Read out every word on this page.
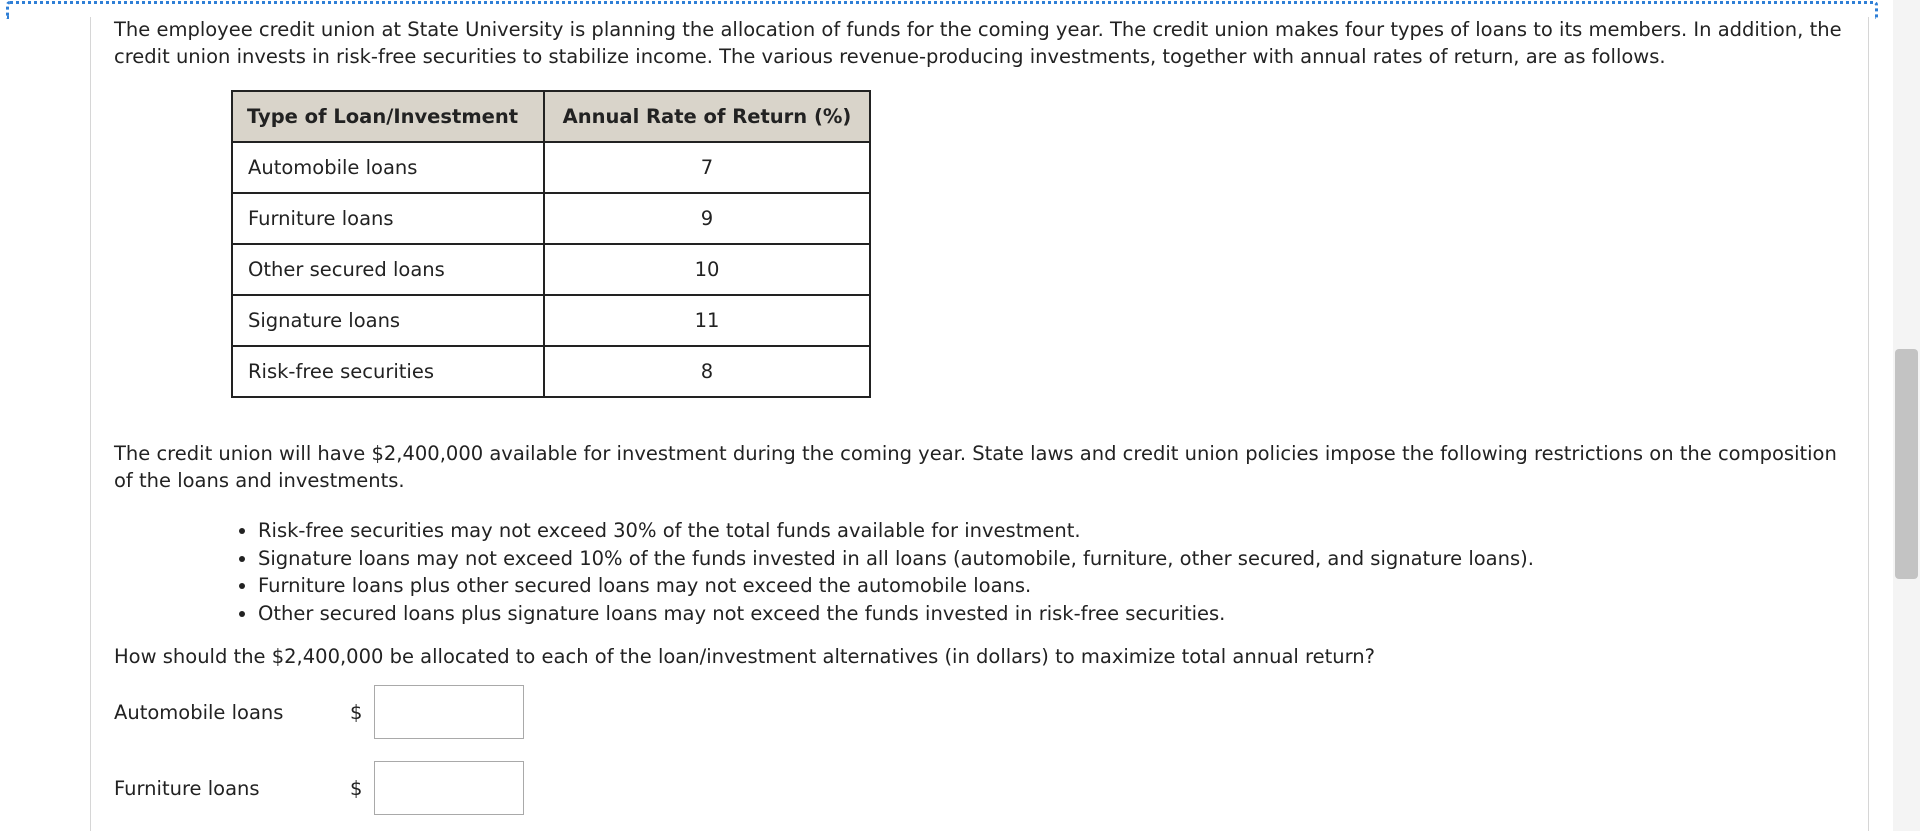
The employee credit union at State University is planning the allocation of funds for the coming year. The credit union makes four types of loans to its members. In addition, the credit union invests in risk-free securities to stabilize income. The various revenue-producing investments, together with annual rates of return, are as follows.

Type of Loan/Investment	Annual Rate of Return (%)
Automobile loans	7
Furniture loans	9
Other secured loans	10
Signature loans	11
Risk-free securities	8

The credit union will have $2,400,000 available for investment during the coming year. State laws and credit union policies impose the following restrictions on the composition of the loans and investments.

• Risk-free securities may not exceed 30% of the total funds available for investment.
• Signature loans may not exceed 10% of the funds invested in all loans (automobile, furniture, other secured, and signature loans).
• Furniture loans plus other secured loans may not exceed the automobile loans.
• Other secured loans plus signature loans may not exceed the funds invested in risk-free securities.

How should the $2,400,000 be allocated to each of the loan/investment alternatives (in dollars) to maximize total annual return?

Automobile loans	$
Furniture loans	$
